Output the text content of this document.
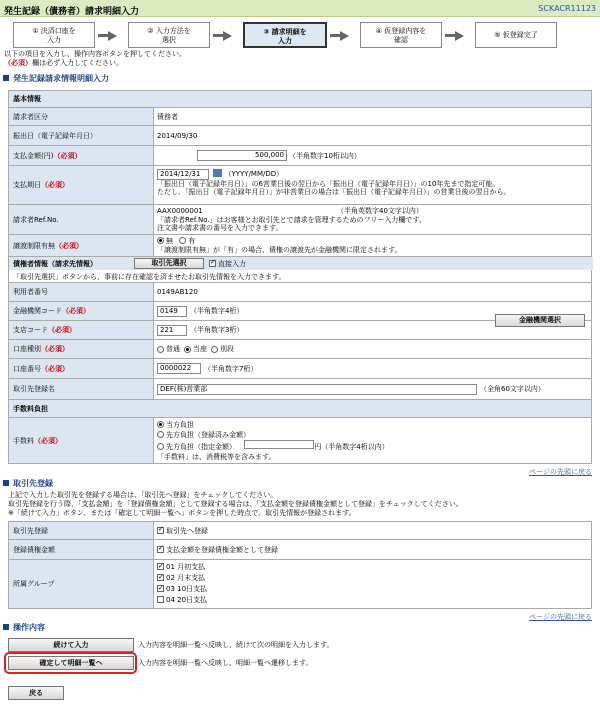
発生記録（債務者）請求明細入力	SCKACR11123
① 決済口座を
入力
② 入力方法を
選択
③ 請求明細を
入力
④ 仮登録内容を
確認
⑤ 仮登録完了
以下の項目を入力し、操作内容ボタンを押してください。
（必須）欄は必ず入力してください。
発生記録請求情報明細入力
基本情報
請求者区分	債務者
振出日（電子記録年月日）	2014/09/30
支払金額(円) （必須）	500,000 （半角数字10桁以内）
支払期日 （必須）
2014/12/31	（YYYY/MM/DD）
「振出日（電子記録年月日）」の6営業日後の翌日から「振出日（電子記録年月日）」の10年先まで指定可能。
ただし、「振出日（電子記録年月日）」が非営業日の場合は「振出日（電子記録年月日）」の営業日後の翌日から。
請求者Ref.No.
AAX0000001	（半角英数字40文字以内）
「請求者Ref.No.」はお客様とお取引先とで請求を管理するためのフリー入力欄です。
注文書や請求書の番号を入力できます。
譲渡制限有無 （必須）
無 有
「譲渡制限有無」が「有」の場合、債権の譲渡先が金融機関に限定されます。
債権者情報（請求先情報）	取引先選択 ✓	直接入力
「取引先選択」ボタンから、事前に存在確認を済ませたお取引先情報を入力できます。
利用者番号	0149AB120
金融機関コード （必須）	0149	（半角数字4桁）
支店コード （必須）	221	（半角数字3桁）
金融機関選択
口座種別 （必須）	普通 当座 別段
口座番号 （必須）	0000022	（半角数字7桁）
取引先登録名	DEF(株)営業部	（全角60文字以内）
手数料負担
手数料 （必須）
当方負担
先方負担（登録済み金額）
先方負担（指定金額）	円（半角数字4桁以内）
「手数料」は、消費税等を含みます。
ページの先頭に戻る
取引先登録
上記で入力した取引先を登録する場合は、「取引先へ登録」をチェックしてください。
取引先登録を行う際、「支払金額」を「登録債権金額」として登録する場合は、「支払金額を登録債権金額として登録」をチェックしてください。
※「続けて入力」ボタン、または「確定して明細一覧へ」ボタンを押した時点で、取引先情報が登録されます。
取引先登録 ✓	取引先へ登録
登録債権金額 ✓	支払金額を登録債権金額として登録
所属グループ
✓01 月初支払
✓02 月末支払
✓03 10日支払
04 20日支払
ページの先頭に戻る
操作内容
続けて入力	入力内容を明細一覧へ反映し、続けて次の明細を入力します。
確定して明細一覧へ	入力内容を明細一覧へ反映し、明細一覧へ遷移します。
戻る
